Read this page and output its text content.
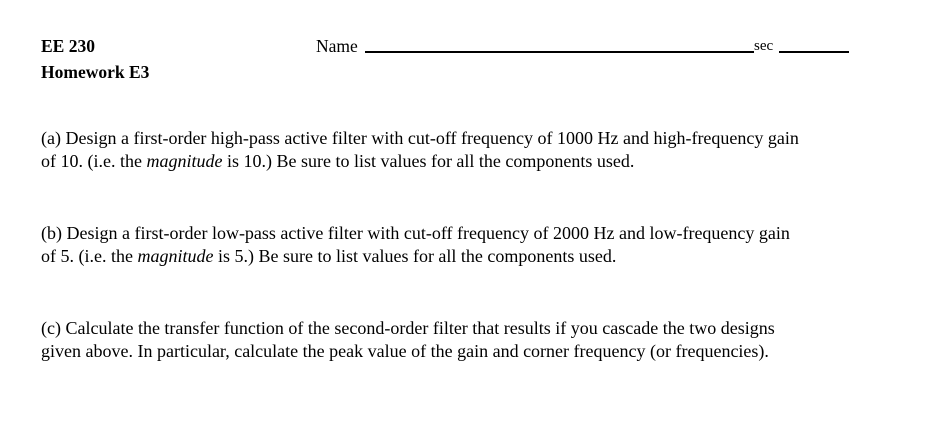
EE 230
Homework E3
Name	sec
(a) Design a first-order high-pass active filter with cut-off frequency of 1000 Hz and high-frequency gain
of 10. (i.e. the magnitude is 10.) Be sure to list values for all the components used.
(b) Design a first-order low-pass active filter with cut-off frequency of 2000 Hz and low-frequency gain
of 5. (i.e. the magnitude is 5.) Be sure to list values for all the components used.
(c) Calculate the transfer function of the second-order filter that results if you cascade the two designs
given above. In particular, calculate the peak value of the gain and corner frequency (or frequencies).
